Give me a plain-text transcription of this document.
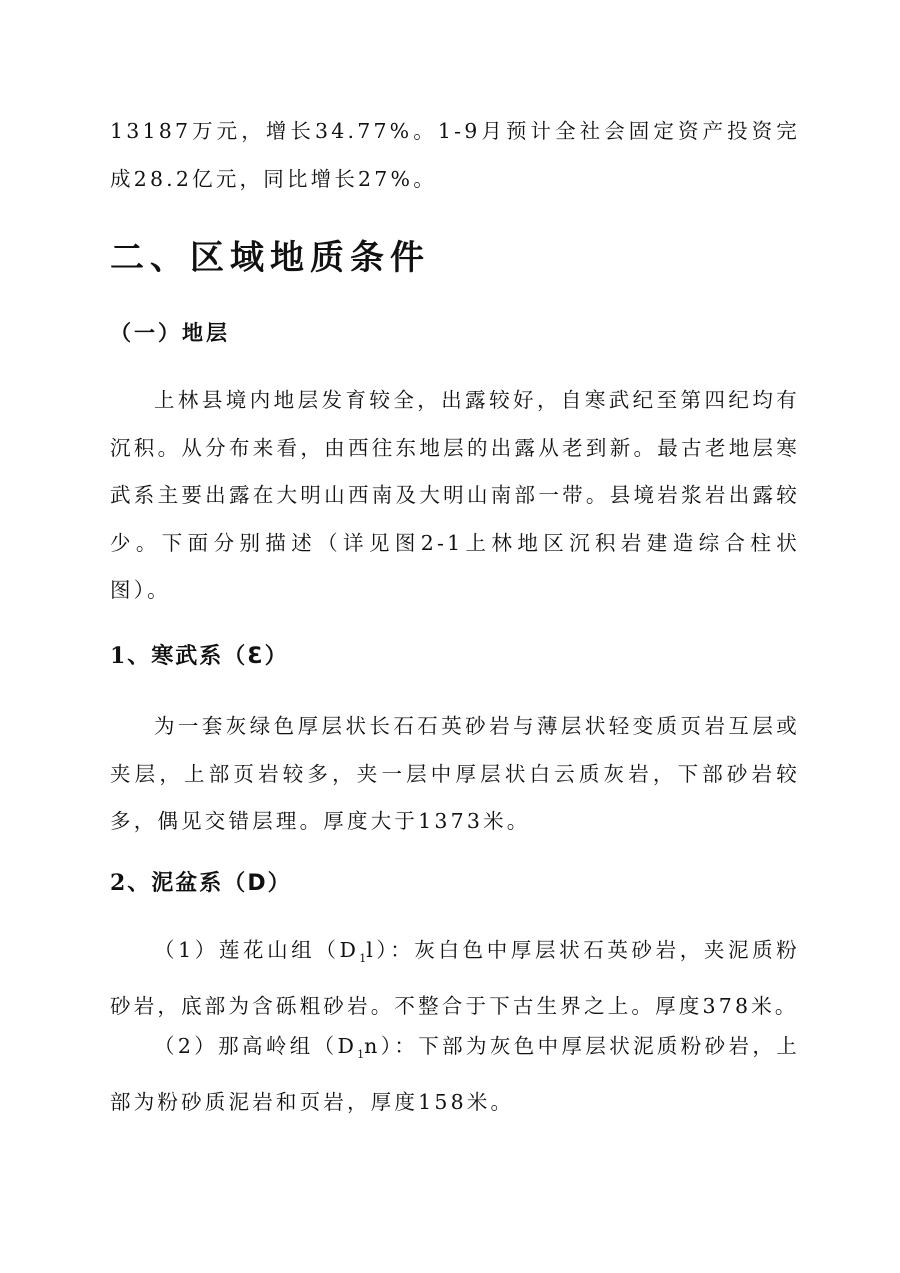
13187万元，增长34.77%。1-9月预计全社会固定资产投资完成28.2亿元，同比增长27%。

二、区域地质条件
（一）地层

上林县境内地层发育较全，出露较好，自寒武纪至第四纪均有沉积。从分布来看，由西往东地层的出露从老到新。最古老地层寒武系主要出露在大明山西南及大明山南部一带。县境岩浆岩出露较少。下面分别描述（详见图2-1上林地区沉积岩建造综合柱状图）。

1、寒武系（Ɛ）

为一套灰绿色厚层状长石石英砂岩与薄层状轻变质页岩互层或夹层，上部页岩较多，夹一层中厚层状白云质灰岩，下部砂岩较多，偶见交错层理。厚度大于1373米。

2、泥盆系（D）

（1）莲花山组$(D_1l)$：灰白色中厚层状石英砂岩，夹泥质粉砂岩，底部为含砾粗砂岩。不整合于下古生界之上。厚度378米。

（2）那高岭组$(D_1n)$：下部为灰色中厚层状泥质粉砂岩，上部为粉砂质泥岩和页岩，厚度158米。
